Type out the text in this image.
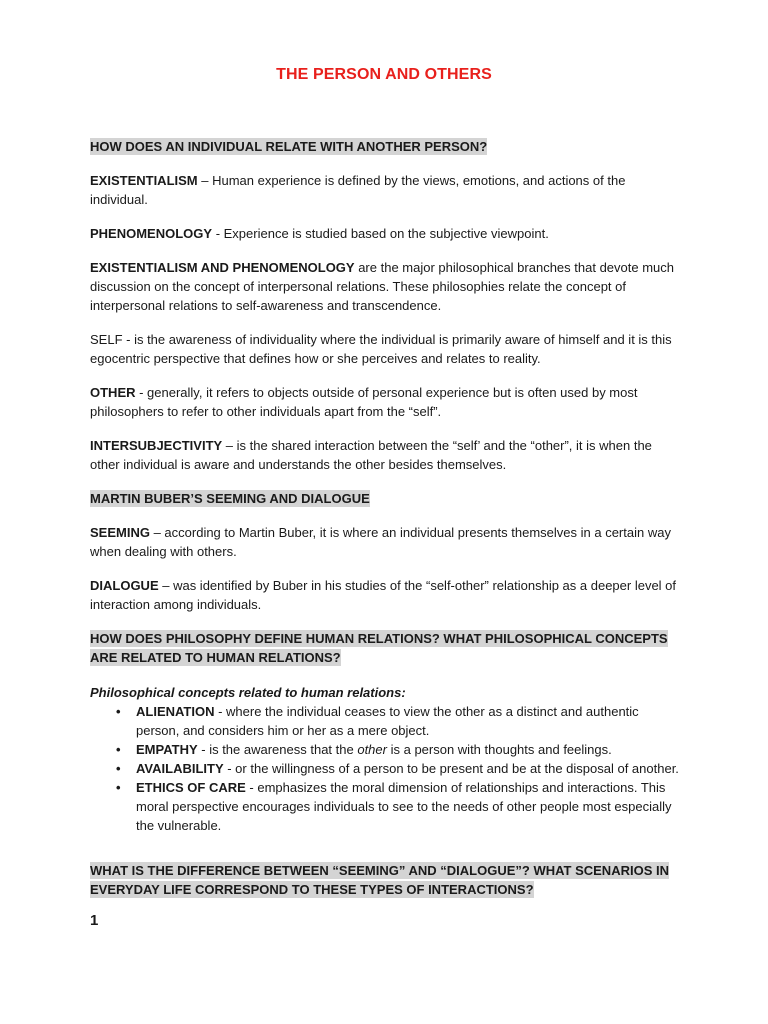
THE PERSON AND OTHERS

HOW DOES AN INDIVIDUAL RELATE WITH ANOTHER PERSON?

EXISTENTIALISM – Human experience is defined by the views, emotions, and actions of the individual.

PHENOMENOLOGY - Experience is studied based on the subjective viewpoint.

EXISTENTIALISM AND PHENOMENOLOGY are the major philosophical branches that devote much discussion on the concept of interpersonal relations. These philosophies relate the concept of interpersonal relations to self-awareness and transcendence.

SELF - is the awareness of individuality where the individual is primarily aware of himself and it is this egocentric perspective that defines how or she perceives and relates to reality.

OTHER - generally, it refers to objects outside of personal experience but is often used by most philosophers to refer to other individuals apart from the “self”.

INTERSUBJECTIVITY – is the shared interaction between the “self’ and the “other”, it is when the other individual is aware and understands the other besides themselves.

MARTIN BUBER’S SEEMING AND DIALOGUE

SEEMING – according to Martin Buber, it is where an individual presents themselves in a certain way when dealing with others.

DIALOGUE – was identified by Buber in his studies of the “self-other” relationship as a deeper level of interaction among individuals.

HOW DOES PHILOSOPHY DEFINE HUMAN RELATIONS? WHAT PHILOSOPHICAL CONCEPTS ARE RELATED TO HUMAN RELATIONS?

Philosophical concepts related to human relations:

• ALIENATION - where the individual ceases to view the other as a distinct and authentic person, and considers him or her as a mere object.
• EMPATHY - is the awareness that the other is a person with thoughts and feelings.
• AVAILABILITY - or the willingness of a person to be present and be at the disposal of another.
• ETHICS OF CARE - emphasizes the moral dimension of relationships and interactions. This moral perspective encourages individuals to see to the needs of other people most especially the vulnerable.

WHAT IS THE DIFFERENCE BETWEEN “SEEMING” AND “DIALOGUE”? WHAT SCENARIOS IN EVERYDAY LIFE CORRESPOND TO THESE TYPES OF INTERACTIONS?

1
